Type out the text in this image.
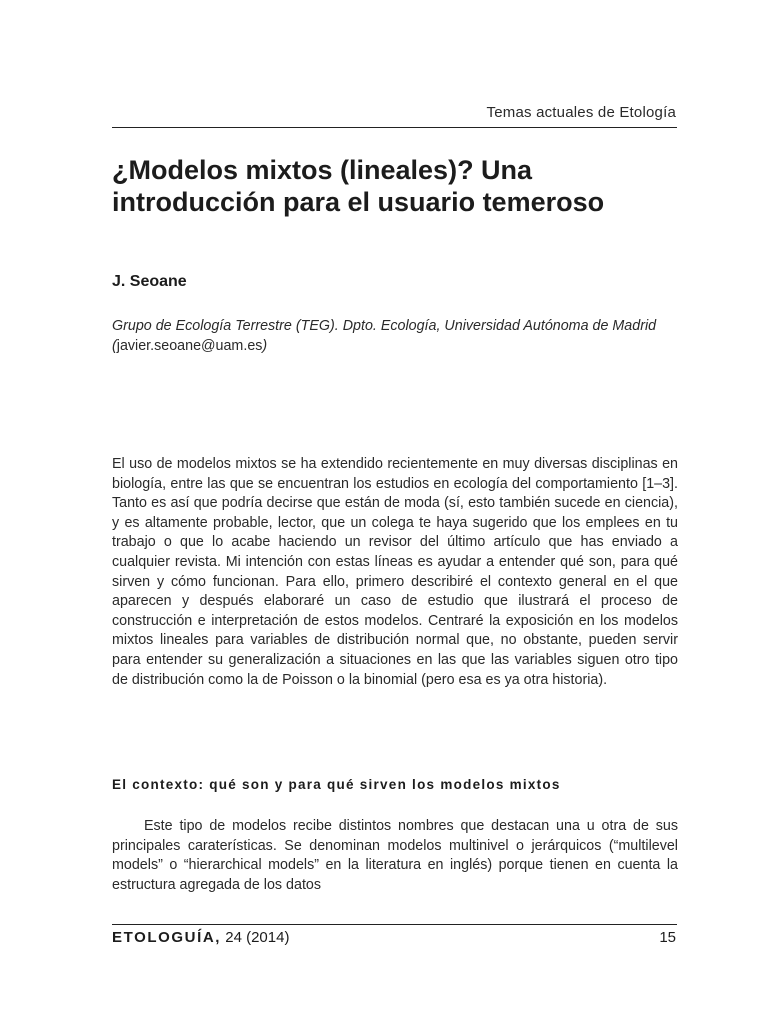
Temas actuales de Etología
¿Modelos mixtos (lineales)? Una introducción para el usuario temeroso
J. Seoane
Grupo de Ecología Terrestre (TEG). Dpto. Ecología, Universidad Autónoma de Madrid (javier.seoane@uam.es)

El uso de modelos mixtos se ha extendido recientemente en muy diversas disciplinas en biología, entre las que se encuentran los estudios en ecología del comportamiento [1–3]. Tanto es así que podría decirse que están de moda (sí, esto también sucede en ciencia), y es altamente probable, lector, que un colega te haya sugerido que los emplees en tu trabajo o que lo acabe haciendo un revisor del último artículo que has enviado a cualquier revista. Mi intención con estas líneas es ayudar a entender qué son, para qué sirven y cómo funcionan. Para ello, primero describiré el contexto general en el que aparecen y después elaboraré un caso de estudio que ilustrará el proceso de construcción e interpretación de estos modelos. Centraré la exposición en los modelos mixtos lineales para variables de distribución normal que, no obstante, pueden servir para entender su generalización a situaciones en las que las variables siguen otro tipo de distribución como la de Poisson o la binomial (pero esa es ya otra historia).

El contexto: qué son y para qué sirven los modelos mixtos

Este tipo de modelos recibe distintos nombres que destacan una u otra de sus principales caraterísticas. Se denominan modelos multinivel o jerárquicos (“multilevel models” o “hierarchical models” en la literatura en inglés) porque tienen en cuenta la estructura agregada de los datos

ETOLOGUÍA, 24 (2014)	15
